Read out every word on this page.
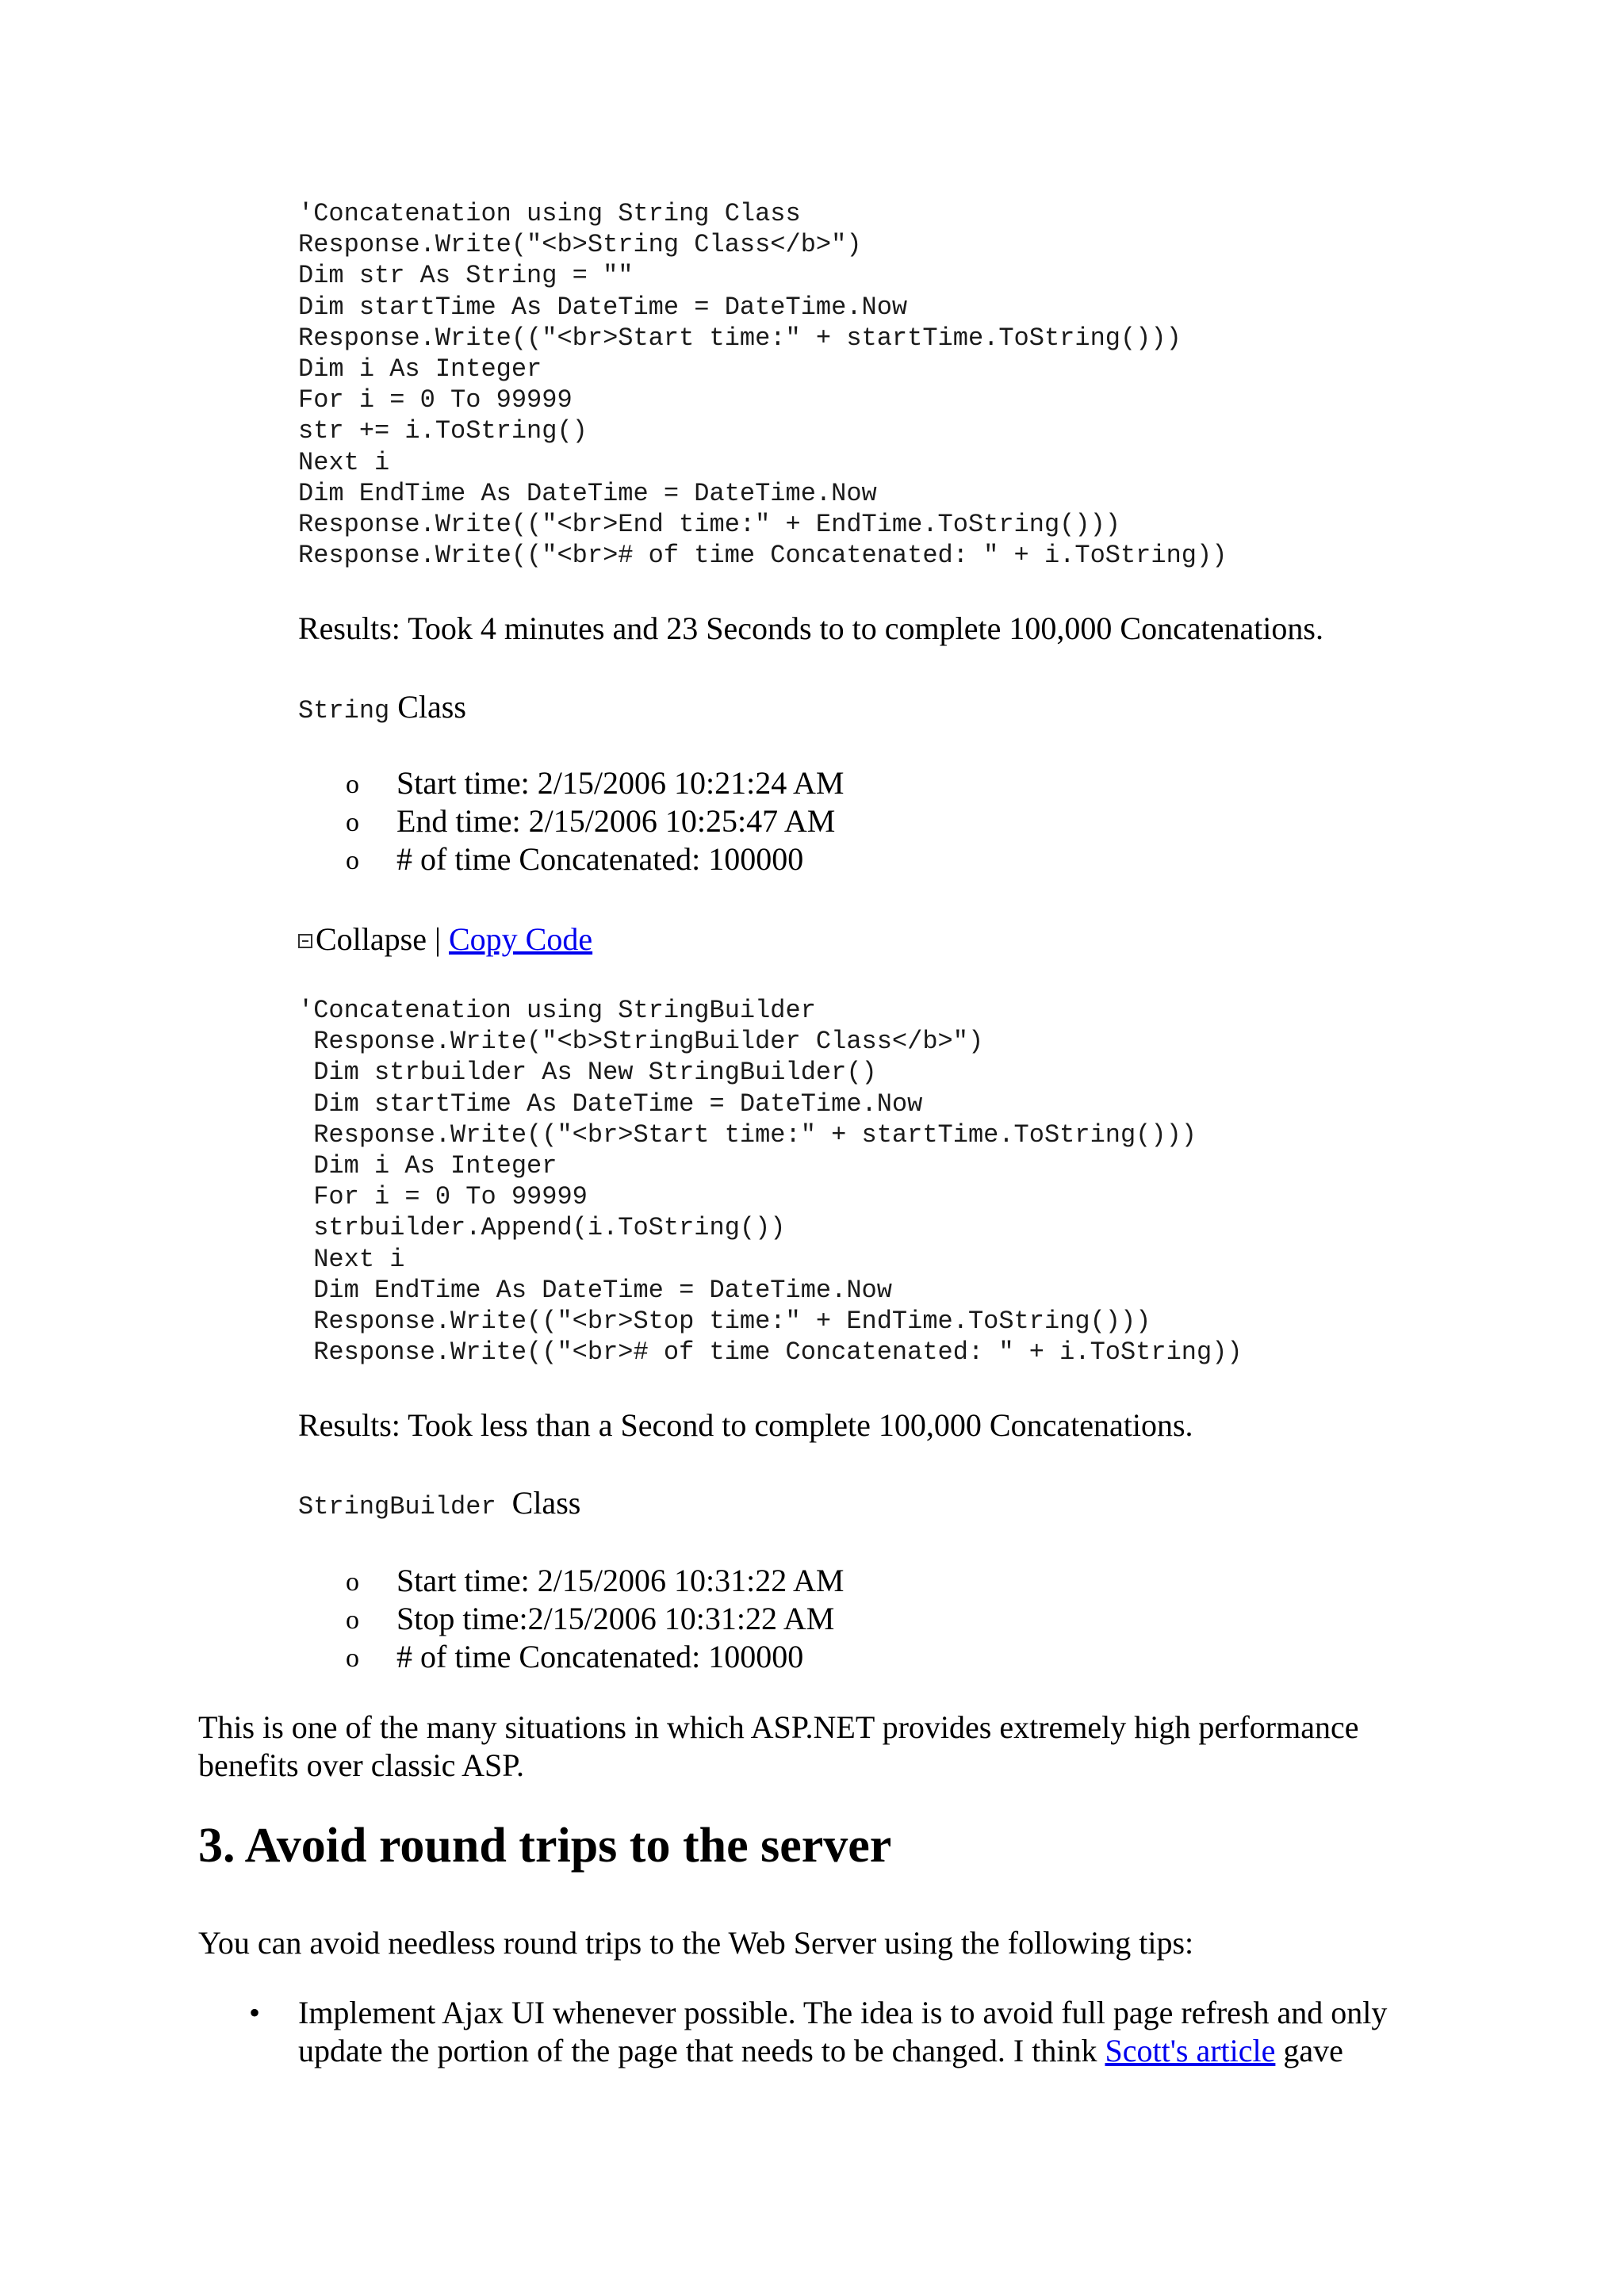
'Concatenation using String Class
Response.Write("<b>String Class</b>")
Dim str As String = ""
Dim startTime As DateTime = DateTime.Now
Response.Write(("<br>Start time:" + startTime.ToString()))
Dim i As Integer
For i = 0 To 99999
str += i.ToString()
Next i
Dim EndTime As DateTime = DateTime.Now
Response.Write(("<br>End time:" + EndTime.ToString()))
Response.Write(("<br># of time Concatenated: " + i.ToString))

Results: Took 4 minutes and 23 Seconds to to complete 100,000 Concatenations.

String Class

o Start time: 2/15/2006 10:21:24 AM
o End time: 2/15/2006 10:25:47 AM
o # of time Concatenated: 100000

Collapse | Copy Code

'Concatenation using StringBuilder
Response.Write("<b>StringBuilder Class</b>")
Dim strbuilder As New StringBuilder()
Dim startTime As DateTime = DateTime.Now
Response.Write(("<br>Start time:" + startTime.ToString()))
Dim i As Integer
For i = 0 To 99999
strbuilder.Append(i.ToString())
Next i
Dim EndTime As DateTime = DateTime.Now
Response.Write(("<br>Stop time:" + EndTime.ToString()))
Response.Write(("<br># of time Concatenated: " + i.ToString))

Results: Took less than a Second to complete 100,000 Concatenations.

StringBuilder  Class

o Start time: 2/15/2006 10:31:22 AM
o Stop time:2/15/2006 10:31:22 AM
o # of time Concatenated: 100000

This is one of the many situations in which ASP.NET provides extremely high performance benefits over classic ASP.

3. Avoid round trips to the server

You can avoid needless round trips to the Web Server using the following tips:

• Implement Ajax UI whenever possible. The idea is to avoid full page refresh and only update the portion of the page that needs to be changed. I think Scott's article gave
